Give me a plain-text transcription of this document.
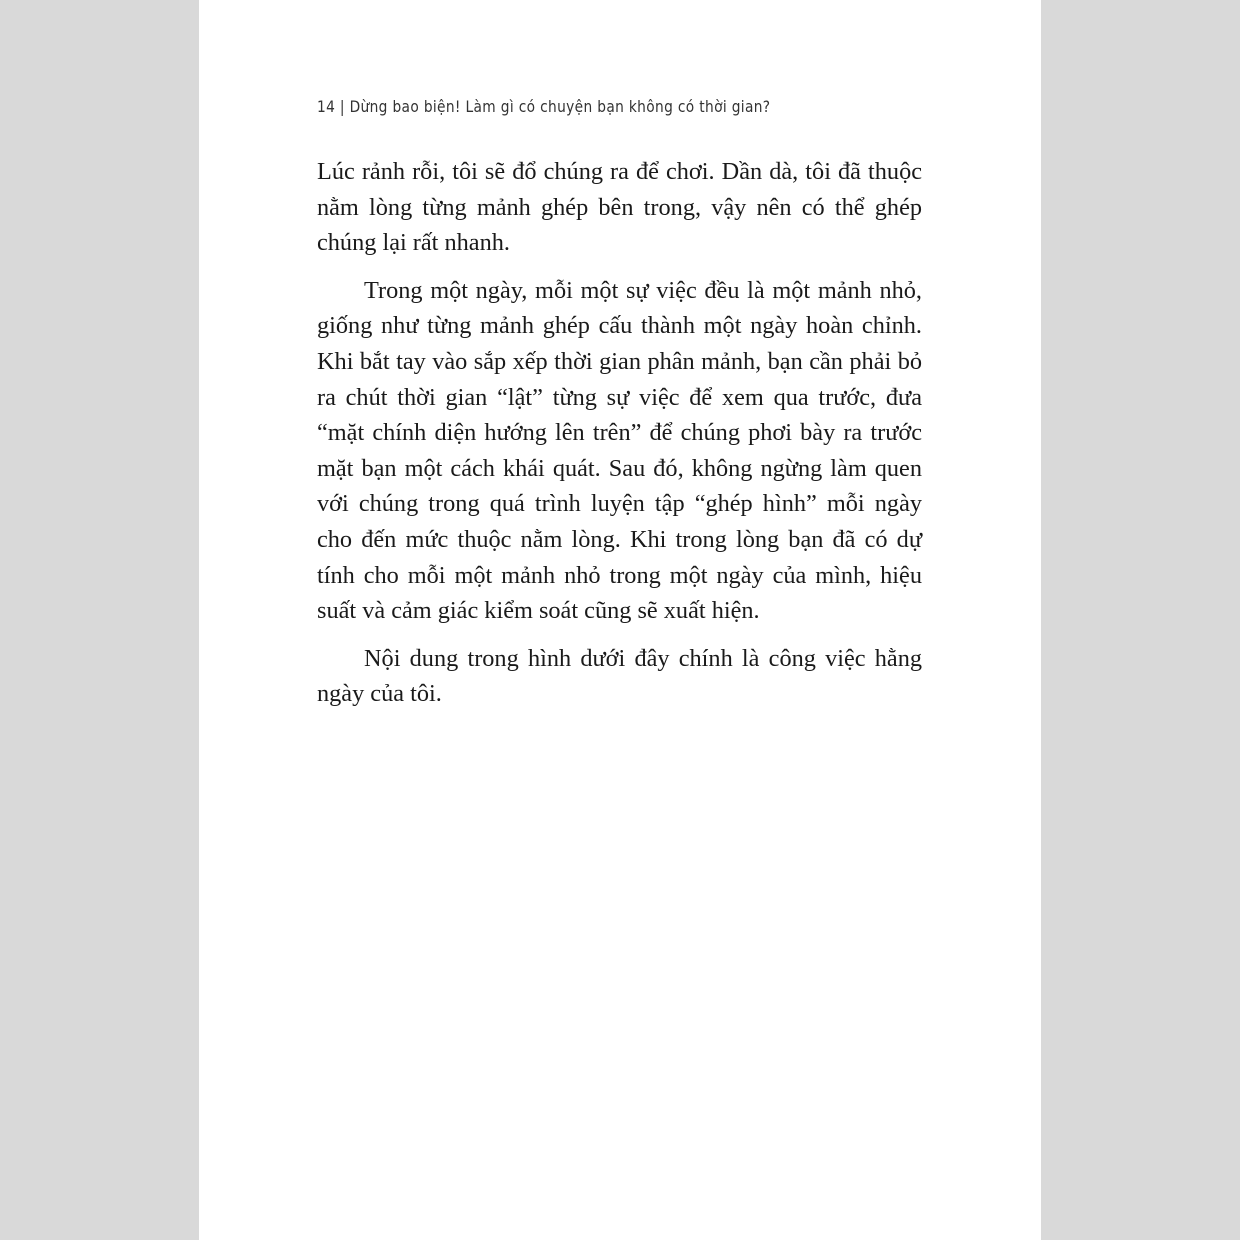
14 | Dừng bao biện! Làm gì có chuyện bạn không có thời gian?

Lúc rảnh rỗi, tôi sẽ đổ chúng ra để chơi. Dần dà, tôi đã thuộc nằm lòng từng mảnh ghép bên trong, vậy nên có thể ghép chúng lại rất nhanh.

Trong một ngày, mỗi một sự việc đều là một mảnh nhỏ, giống như từng mảnh ghép cấu thành một ngày hoàn chỉnh. Khi bắt tay vào sắp xếp thời gian phân mảnh, bạn cần phải bỏ ra chút thời gian “lật” từng sự việc để xem qua trước, đưa “mặt chính diện hướng lên trên” để chúng phơi bày ra trước mặt bạn một cách khái quát. Sau đó, không ngừng làm quen với chúng trong quá trình luyện tập “ghép hình” mỗi ngày cho đến mức thuộc nằm lòng. Khi trong lòng bạn đã có dự tính cho mỗi một mảnh nhỏ trong một ngày của mình, hiệu suất và cảm giác kiểm soát cũng sẽ xuất hiện.

Nội dung trong hình dưới đây chính là công việc hằng ngày của tôi.
